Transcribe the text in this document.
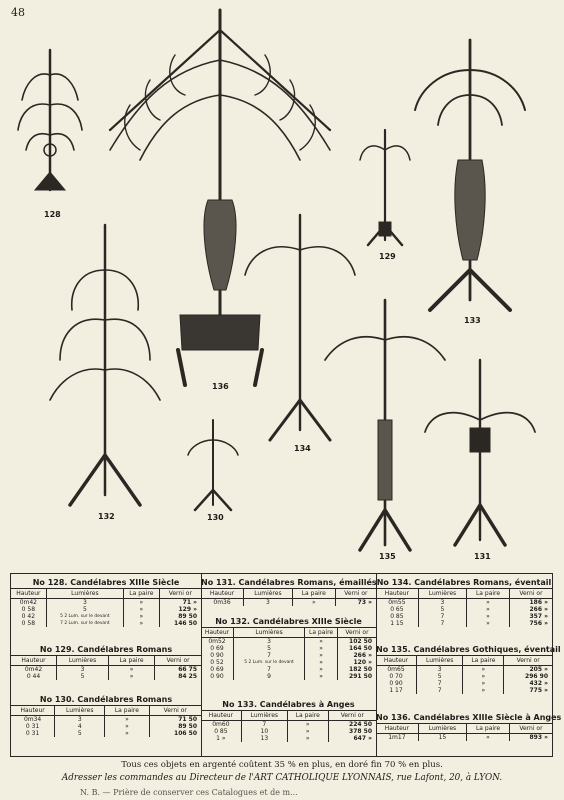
48
128
136
129
133
132
134
130
135	131
No 128. Candélabres XIIIe Siècle
Hauteur	Lumières	La paire	Verni or
0m42	3	»	71 »
0 58	5	»	129 »
0 42	5 2 Lum. sur le devant	»	89 50
0 58	7 2 Lum. sur le devant	»	146 50
No 129. Candélabres Romans
Hauteur	Lumières	La paire	Verni or
0m42	3	»	66 75
0 44	5	»	84 25
No 130. Candélabres Romans
Hauteur	Lumières	La paire	Verni or
0m34	3	»	71 50
0 31	4	»	89 50
0 31	5	»	106 50
No 131. Candélabres Romans, émaillés
Hauteur	Lumières	La paire	Verni or
0m36	3	»	73 »
No 132. Candélabres XIIIe Siècle
Hauteur	Lumières	La paire	Verni or
0m52	3	»	102 50
0 69	5	»	164 50
0 90	7	»	266 »
0 52	5 2 Lum. sur le devant	»	120 »
0 69	7	»	182 50
0 90	9	»	291 50
No 133. Candélabres à Anges
Hauteur	Lumières	La paire	Verni or
0m60	7	»	224 50
0 85	10	»	378 50
1 »	13	»	647 »
No 134. Candélabres Romans, éventail
Hauteur	Lumières	La paire	Verni or
0m55	3	»	186 »
0 65	5	»	266 »
0 85	7	»	357 »
1 15	7	»	756 »
No 135. Candélabres Gothiques, éventail
Hauteur	Lumières	La paire	Verni or
0m65	3	»	205 »
0 70	5	»	296 90
0 90	7	»	432 »
1 17	7	»	775 »
No 136. Candélabres XIIIe Siècle à Anges
Hauteur	Lumières	La paire	Verni or
1m17	15	»	893 »
Tous ces objets en argenté coûtent 35 % en plus, en doré fin 70 % en plus.
Adresser les commandes au Directeur de l'ART CATHOLIQUE LYONNAIS, rue Lafont, 20, à LYON.
N. B. — Prière de conserver ces Catalogues et de m...
